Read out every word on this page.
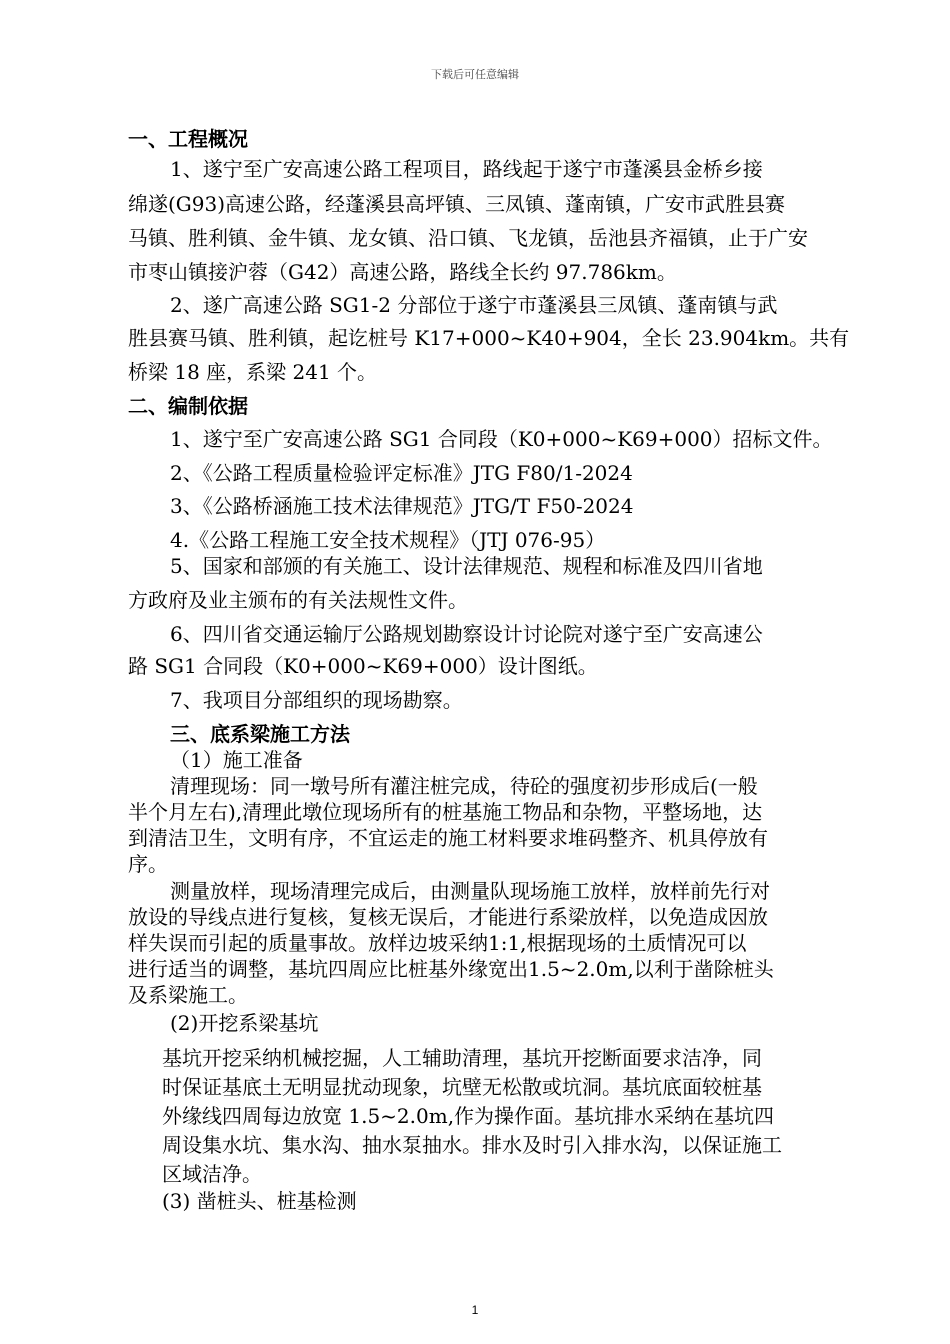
下载后可任意编辑
一、工程概况
1、遂宁至广安高速公路工程项目，路线起于遂宁市蓬溪县金桥乡接
绵遂(G93)高速公路，经蓬溪县高坪镇、三凤镇、蓬南镇，广安市武胜县赛
马镇、胜利镇、金牛镇、龙女镇、沿口镇、飞龙镇，岳池县齐福镇，止于广安
市枣山镇接沪蓉（G42）高速公路，路线全长约 97.786km。
2、遂广高速公路 SG1-2 分部位于遂宁市蓬溪县三凤镇、蓬南镇与武
胜县赛马镇、胜利镇，起讫桩号 K17+000~K40+904，全长 23.904km。共有
桥梁 18 座，系梁 241 个。
二、编制依据
1、遂宁至广安高速公路 SG1 合同段（K0+000~K69+000）招标文件。
2、《公路工程质量检验评定标准》JTG F80/1-2024
3、《公路桥涵施工技术法律规范》JTG/T F50-2024
4.《公路工程施工安全技术规程》（JTJ 076-95）
5、国家和部颁的有关施工、设计法律规范、规程和标准及四川省地
方政府及业主颁布的有关法规性文件。
6、四川省交通运输厅公路规划勘察设计讨论院对遂宁至广安高速公
路 SG1 合同段（K0+000~K69+000）设计图纸。
7、我项目分部组织的现场勘察。
三、底系梁施工方法
（1）施工准备
清理现场：同一墩号所有灌注桩完成，待砼的强度初步形成后(一般
半个月左右),清理此墩位现场所有的桩基施工物品和杂物，平整场地，达
到清洁卫生，文明有序，不宜运走的施工材料要求堆码整齐、机具停放有
序。
测量放样，现场清理完成后，由测量队现场施工放样，放样前先行对
放设的导线点进行复核，复核无误后，才能进行系梁放样，以免造成因放
样失误而引起的质量事故。放样边坡采纳1:1,根据现场的土质情况可以
进行适当的调整，基坑四周应比桩基外缘宽出1.5~2.0m,以利于凿除桩头
及系梁施工。
(2)开挖系梁基坑
基坑开挖采纳机械挖掘，人工辅助清理，基坑开挖断面要求洁净，同
时保证基底土无明显扰动现象，坑壁无松散或坑洞。基坑底面较桩基
外缘线四周每边放宽 1.5~2.0m,作为操作面。基坑排水采纳在基坑四
周设集水坑、集水沟、抽水泵抽水。排水及时引入排水沟，以保证施工
区域洁净。
(3) 凿桩头、桩基检测
1
